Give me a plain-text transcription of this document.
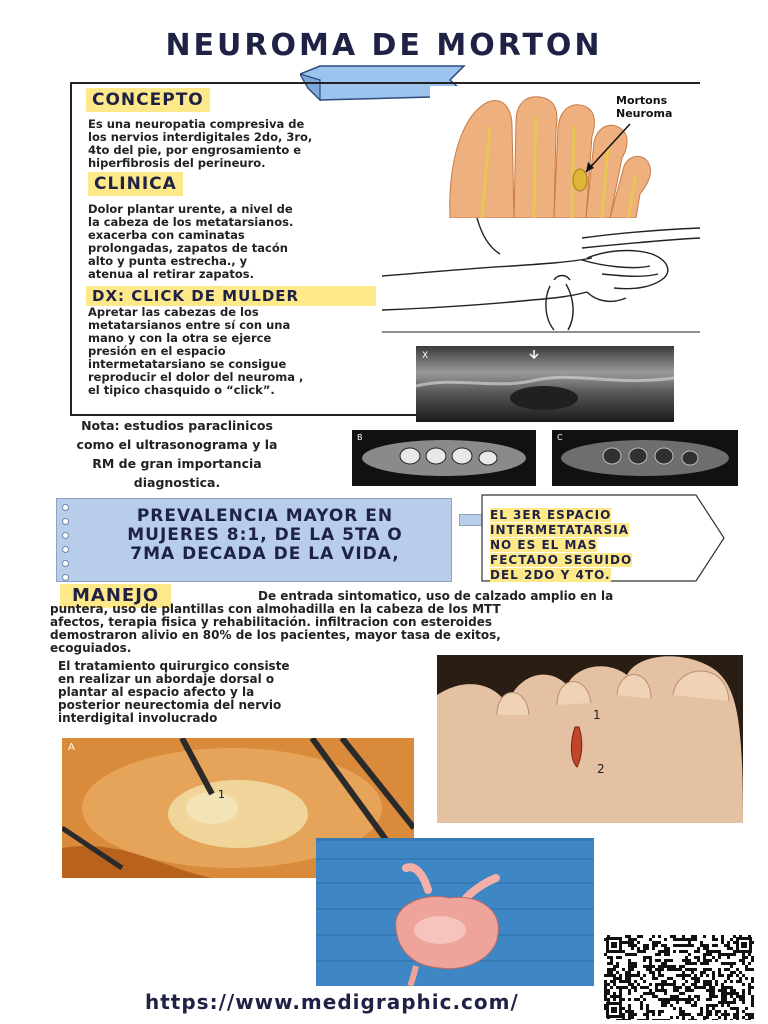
NEUROMA DE MORTON
CONCEPTO
Es una neuropatia compresiva de
los nervios interdigitales 2do, 3ro,
4to del pie, por engrosamiento e
hiperfibrosis del perineuro.
CLINICA
Dolor plantar urente, a nivel de
la cabeza de los metatarsianos.
exacerba con caminatas
prolongadas, zapatos de tacón
alto y punta estrecha., y
atenua al retirar zapatos.
DX: CLICK DE MULDER
Apretar las cabezas de los
metatarsianos entre sí con una
mano y con la otra se ejerce
presión en el espacio
intermetatarsiano se consigue
reproducir el dolor del neuroma ,
el tipico chasquido o “click”.
Mortons
Neuroma
X
B	C
Nota: estudios paraclinicos
como el ultrasonograma y la
RM de gran importancia
diagnostica.
PREVALENCIA MAYOR EN
MUJERES 8:1, DE LA 5TA O
7MA DECADA DE LA VIDA,
EL 3ER ESPACIO
INTERMETATARSIA
NO ES EL MAS
FECTADO SEGUIDO
DEL 2DO Y 4TO.
MANEJO	De entrada sintomatico, uso de calzado amplio en la
puntera, uso de plantillas con almohadilla en la cabeza de los MTT
afectos, terapia fisica y rehabilitación. infiltracion con esteroides
demostraron alivio en 80% de los pacientes, mayor tasa de exitos,
ecoguiados.
El tratamiento quirurgico consiste
en realizar un abordaje dorsal o
plantar al espacio afecto y la
posterior neurectomia del nervio
interdigital involucrado	1
2
A
1
https://www.medigraphic.com/
